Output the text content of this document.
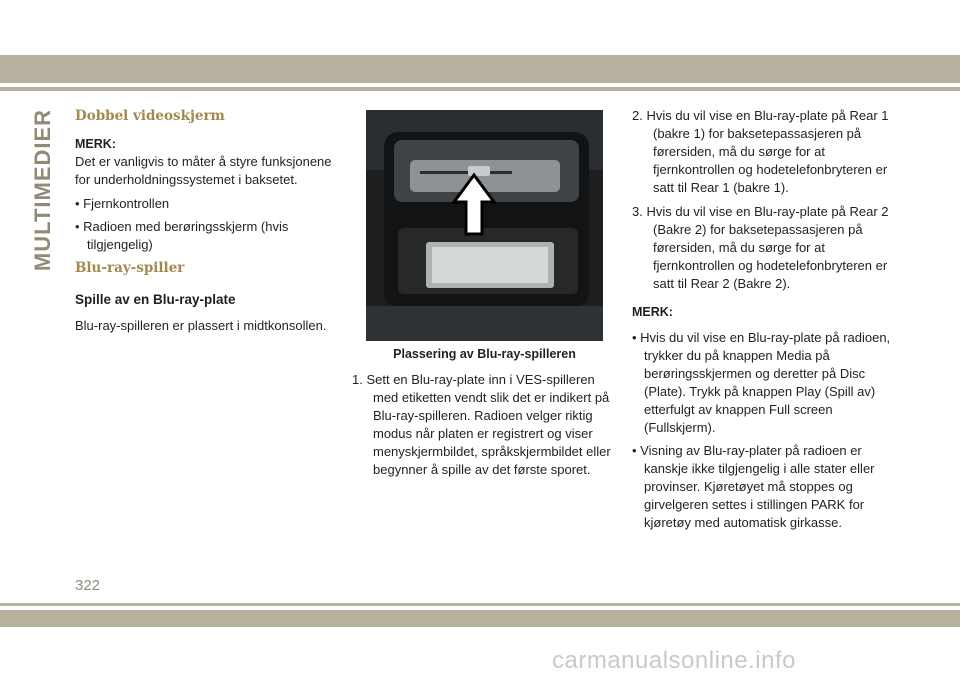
MULTIMEDIER Dobbel videoskjerm

MERK:

Det er vanligvis to måter å styre funksjonene for underholdningssystemet i baksetet.

• Fjernkontrollen

• Radioen med berøringsskjerm (hvis tilgjengelig)

Blu-ray-spiller

Spille av en Blu-ray-plate

Blu-ray-spilleren er plassert i midtkonsollen.

Plassering av Blu-ray-spilleren

1. Sett en Blu-ray-plate inn i VES-spilleren med etiketten vendt slik det er indikert på Blu-ray-spilleren. Radioen velger riktig modus når platen er registrert og viser menyskjermbildet, språkskjermbildet eller begynner å spille av det første sporet.

2. Hvis du vil vise en Blu-ray-plate på Rear 1 (bakre 1) for baksetepassasjeren på førersiden, må du sørge for at fjernkontrollen og hodetelefonbryteren er satt til Rear 1 (bakre 1).

3. Hvis du vil vise en Blu-ray-plate på Rear 2 (Bakre 2) for baksetepassasjeren på førersiden, må du sørge for at fjernkontrollen og hodetelefonbryteren er satt til Rear 2 (Bakre 2).

MERK:

• Hvis du vil vise en Blu-ray-plate på radioen, trykker du på knappen Media på berøringsskjermen og deretter på Disc (Plate). Trykk på knappen Play (Spill av) etterfulgt av knappen Full screen (Fullskjerm).

• Visning av Blu-ray-plater på radioen er kanskje ikke tilgjengelig i alle stater eller provinser. Kjøretøyet må stoppes og girvelgeren settes i stillingen PARK for kjøretøy med automatisk girkasse.

322
carmanualsonline.info
